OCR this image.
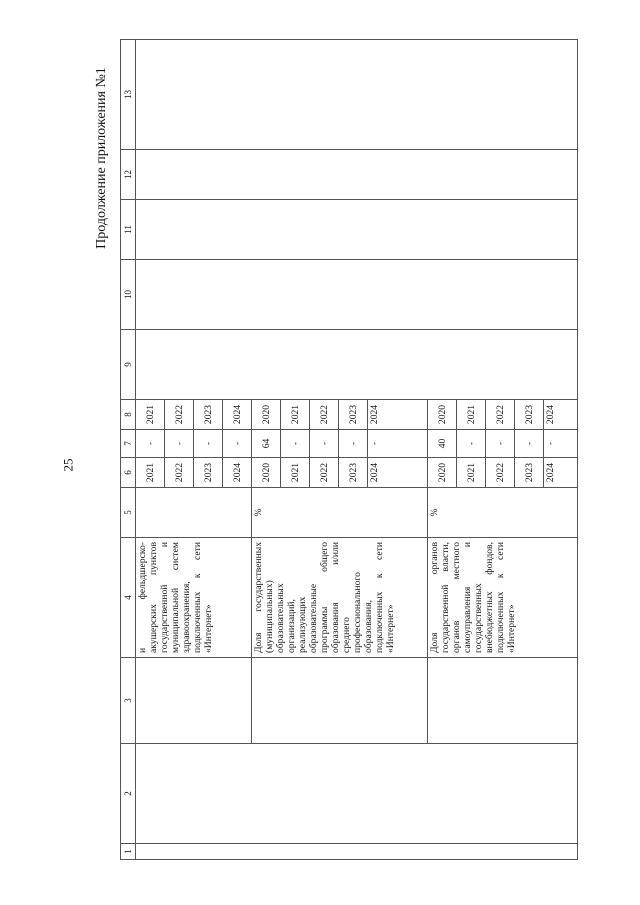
25
Продолжение приложения №1
1	2	3	4	5	6	7	8	9	10	11	12	13
			и фельдшерско-акушерских пунктов государственной и муниципальной систем здравоохранения, подключенных к сети «Интернет»		2021	-	2021					
					2022	-	2022					
					2023	-	2023					
					2024	-	2024					
			Доля государственных (муниципальных) образовательных организаций, реализующих образовательные программы общего образования и/или среднего профессионального образования, подключенных к сети «Интернет»	%	2020	64	2020					
					2021	-	2021					
					2022	-	2022					
					2023	-	2023					
					2024	-	2024					
			Доля органов государственной власти, органов местного самоуправления и государственных внебюджетных фондов, подключенных к сети «Интернет»	%	2020	40	2020					
					2021	-	2021					
					2022	-	2022					
					2023	-	2023					
					2024	-	2024					
